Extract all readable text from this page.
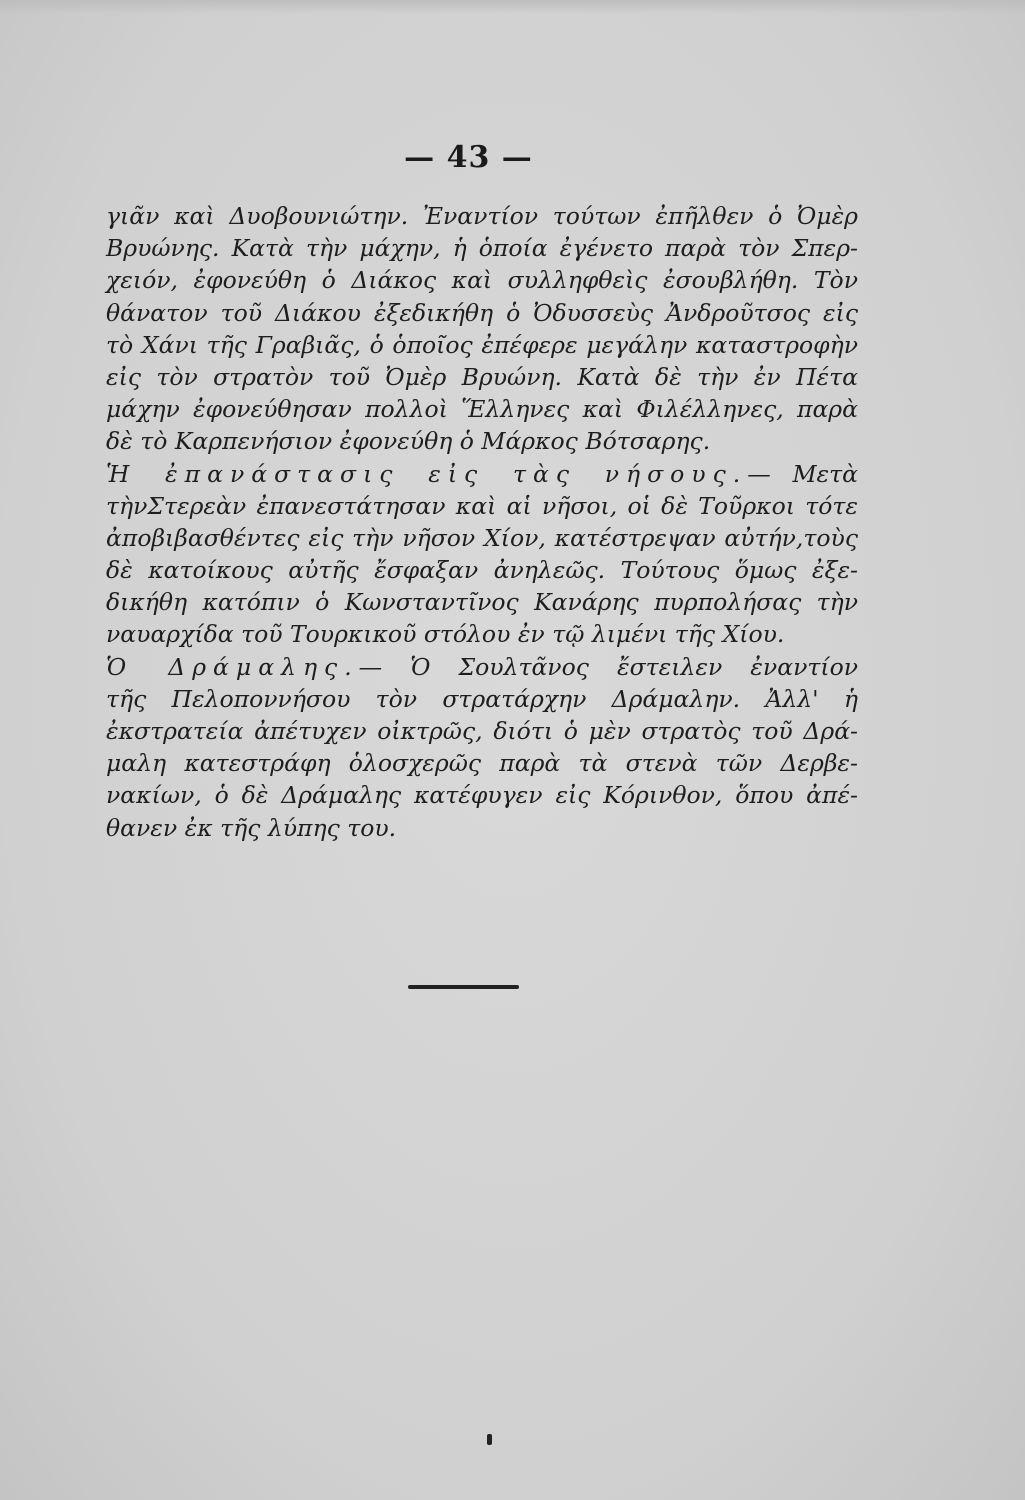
— 43 —
γιᾶν καὶ Δυοβουνιώτην. Ἐναντίον τούτων ἐπῆλθεν ὁ Ὀμὲρ
Βρυώνης. Κατὰ τὴν μάχην, ἡ ὁποία ἐγένετο παρὰ τὸν Σπερ-
χειόν, ἐφονεύθη ὁ Διάκος καὶ συλληφθεὶς ἐσουβλήθη. Τὸν
θάνατον τοῦ Διάκου ἐξεδικήθη ὁ Ὀδυσσεὺς Ἀνδροῦτσος εἰς
τὸ Χάνι τῆς Γραβιᾶς, ὁ ὁποῖος ἐπέφερε μεγάλην καταστροφὴν
εἰς τὸν στρατὸν τοῦ Ὀμὲρ Βρυώνη. Κατὰ δὲ τὴν ἐν Πέτα
μάχην ἐφονεύθησαν πολλοὶ Ἕλληνες καὶ Φιλέλληνες, παρὰ
δὲ τὸ Καρπενήσιον ἐφονεύθη ὁ Μάρκος Βότσαρης.
Ἡ ἐπανάστασις εἰς τὰς νήσους.— Μετὰ
τὴνΣτερεὰν ἐπανεστάτησαν καὶ αἱ νῆσοι, οἱ δὲ Τοῦρκοι τότε
ἀποβιβασθέντες εἰς τὴν νῆσον Χίον, κατέστρεψαν αὐτήν,τοὺς
δὲ κατοίκους αὐτῆς ἔσφαξαν ἀνηλεῶς. Τούτους ὅμως ἐξε-
δικήθη κατόπιν ὁ Κωνσταντῖνος Κανάρης πυρπολήσας τὴν
ναυαρχίδα τοῦ Τουρκικοῦ στόλου ἐν τῷ λιμένι τῆς Χίου.
Ὁ Δράμαλης.— Ὁ Σουλτᾶνος ἔστειλεν ἐναντίον
τῆς Πελοποννήσου τὸν στρατάρχην Δράμαλην. Ἀλλ' ἡ
ἐκστρατεία ἀπέτυχεν οἰκτρῶς, διότι ὁ μὲν στρατὸς τοῦ Δρά-
μαλη κατεστράφη ὁλοσχερῶς παρὰ τὰ στενὰ τῶν Δερβε-
νακίων, ὁ δὲ Δράμαλης κατέφυγεν εἰς Κόρινθον, ὅπου ἀπέ-
θανεν ἐκ τῆς λύπης του.
